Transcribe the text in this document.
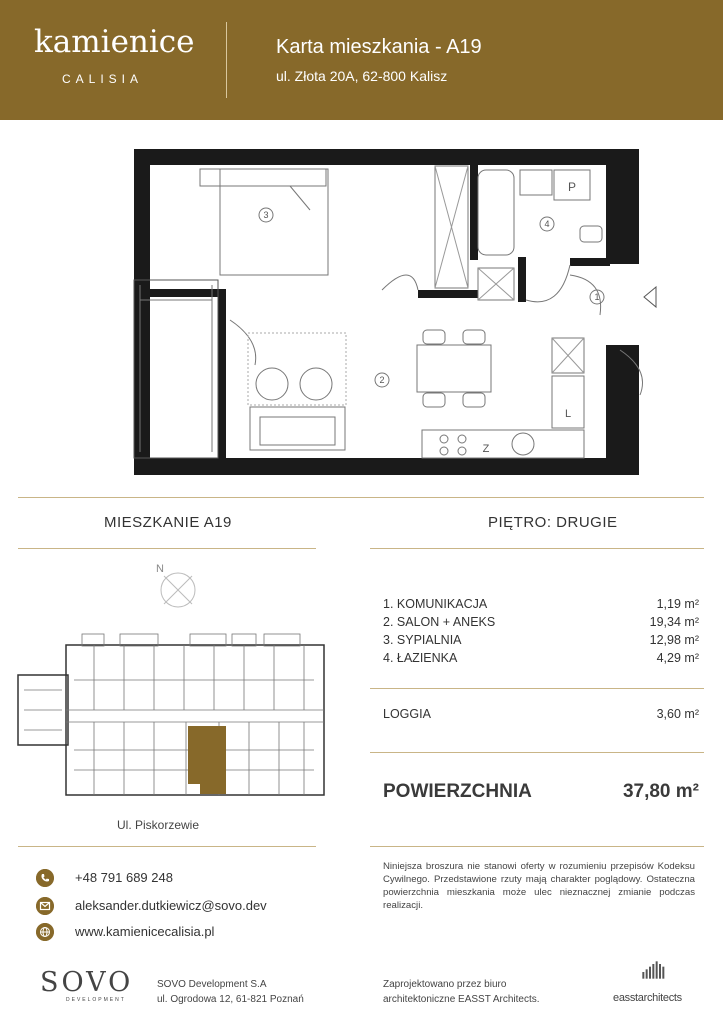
kamienice
CALISIA
Karta mieszkania - A19
ul. Złota 20A, 62-800 Kalisz
3
P
4
1
L
2
Z
MIESZKANIE A19	PIĘTRO: DRUGIE
N
Ul. Piskorzewie
1. KOMUNIKACJA	1,19 m²
2. SALON + ANEKS	19,34 m²
3. SYPIALNIA	12,98 m²
4. ŁAZIENKA	4,29 m²
LOGGIA	3,60 m²
POWIERZCHNIA	37,80 m²
+48 791 689 248
aleksander.dutkiewicz@sovo.dev
www.kamienicecalisia.pl
Niniejsza broszura nie stanowi oferty w rozumieniu przepisów Kodeksu Cywilnego. Przedstawione rzuty mają charakter poglądowy. Ostateczna powierzchnia mieszkania może ulec nieznacznej zmianie podczas realizacji.
SOVO
DEVELOPMENT
SOVO Development S.A
ul. Ogrodowa 12, 61-821 Poznań
Zaprojektowano przez biuro
architektoniczne EASST Architects.	easstarchitects
